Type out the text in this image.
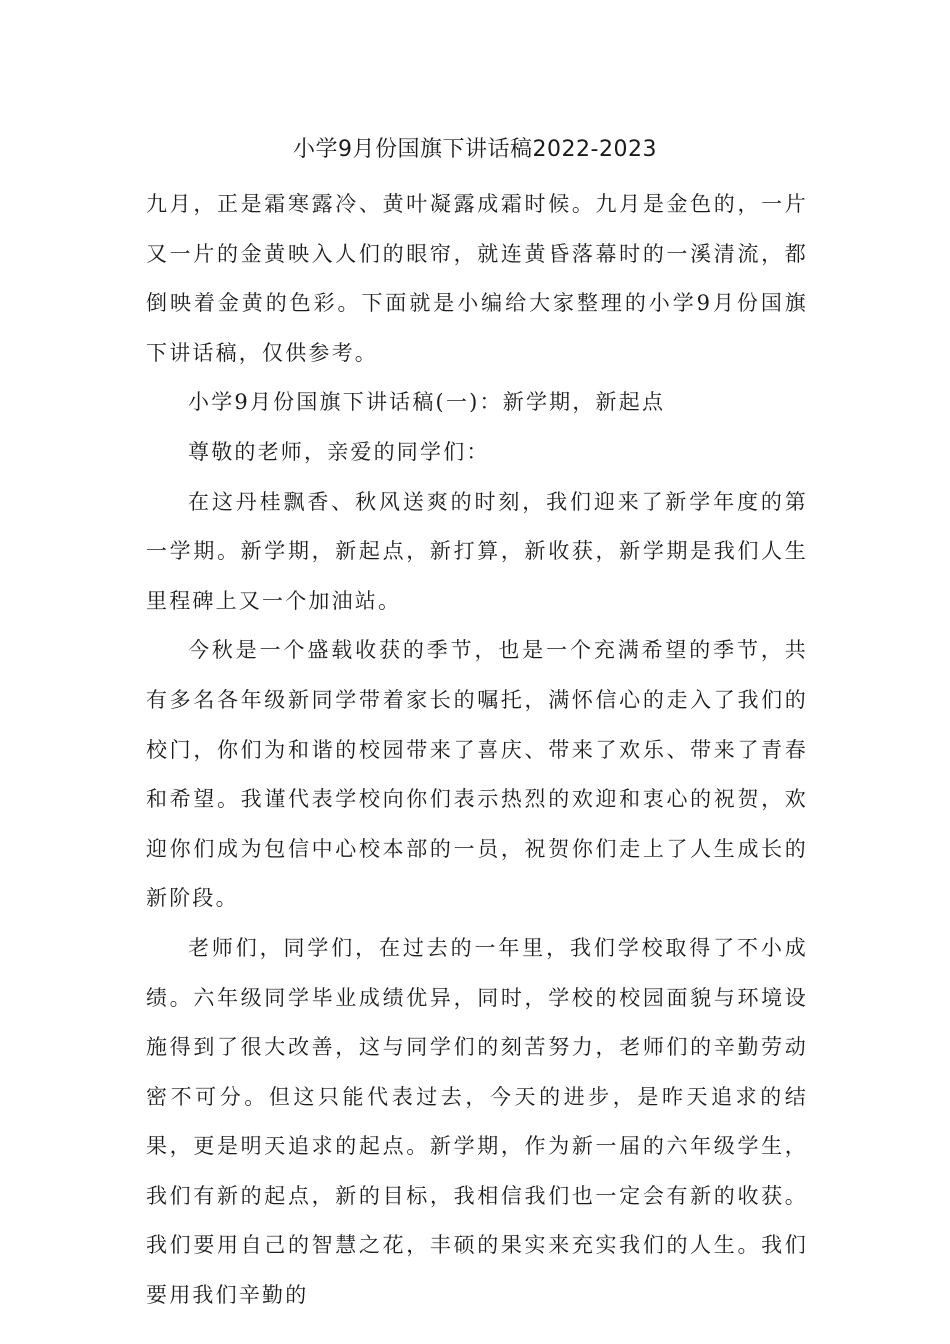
小学9月份国旗下讲话稿2022-2023

九月，正是霜寒露冷、黄叶凝露成霜时候。九月是金色的，一片又一片的金黄映入人们的眼帘，就连黄昏落幕时的一溪清流，都倒映着金黄的色彩。下面就是小编给大家整理的小学9月份国旗下讲话稿，仅供参考。

小学9月份国旗下讲话稿(一)：新学期，新起点

尊敬的老师，亲爱的同学们：

在这丹桂飘香、秋风送爽的时刻，我们迎来了新学年度的第一学期。新学期，新起点，新打算，新收获，新学期是我们人生里程碑上又一个加油站。

今秋是一个盛载收获的季节，也是一个充满希望的季节，共有多名各年级新同学带着家长的嘱托，满怀信心的走入了我们的校门，你们为和谐的校园带来了喜庆、带来了欢乐、带来了青春和希望。我谨代表学校向你们表示热烈的欢迎和衷心的祝贺，欢迎你们成为包信中心校本部的一员，祝贺你们走上了人生成长的新阶段。

老师们，同学们，在过去的一年里，我们学校取得了不小成绩。六年级同学毕业成绩优异，同时，学校的校园面貌与环境设施得到了很大改善，这与同学们的刻苦努力，老师们的辛勤劳动密不可分。但这只能代表过去，今天的进步，是昨天追求的结果，更是明天追求的起点。新学期，作为新一届的六年级学生，我们有新的起点，新的目标，我相信我们也一定会有新的收获。我们要用自己的智慧之花，丰硕的果实来充实我们的人生。我们要用我们辛勤的
